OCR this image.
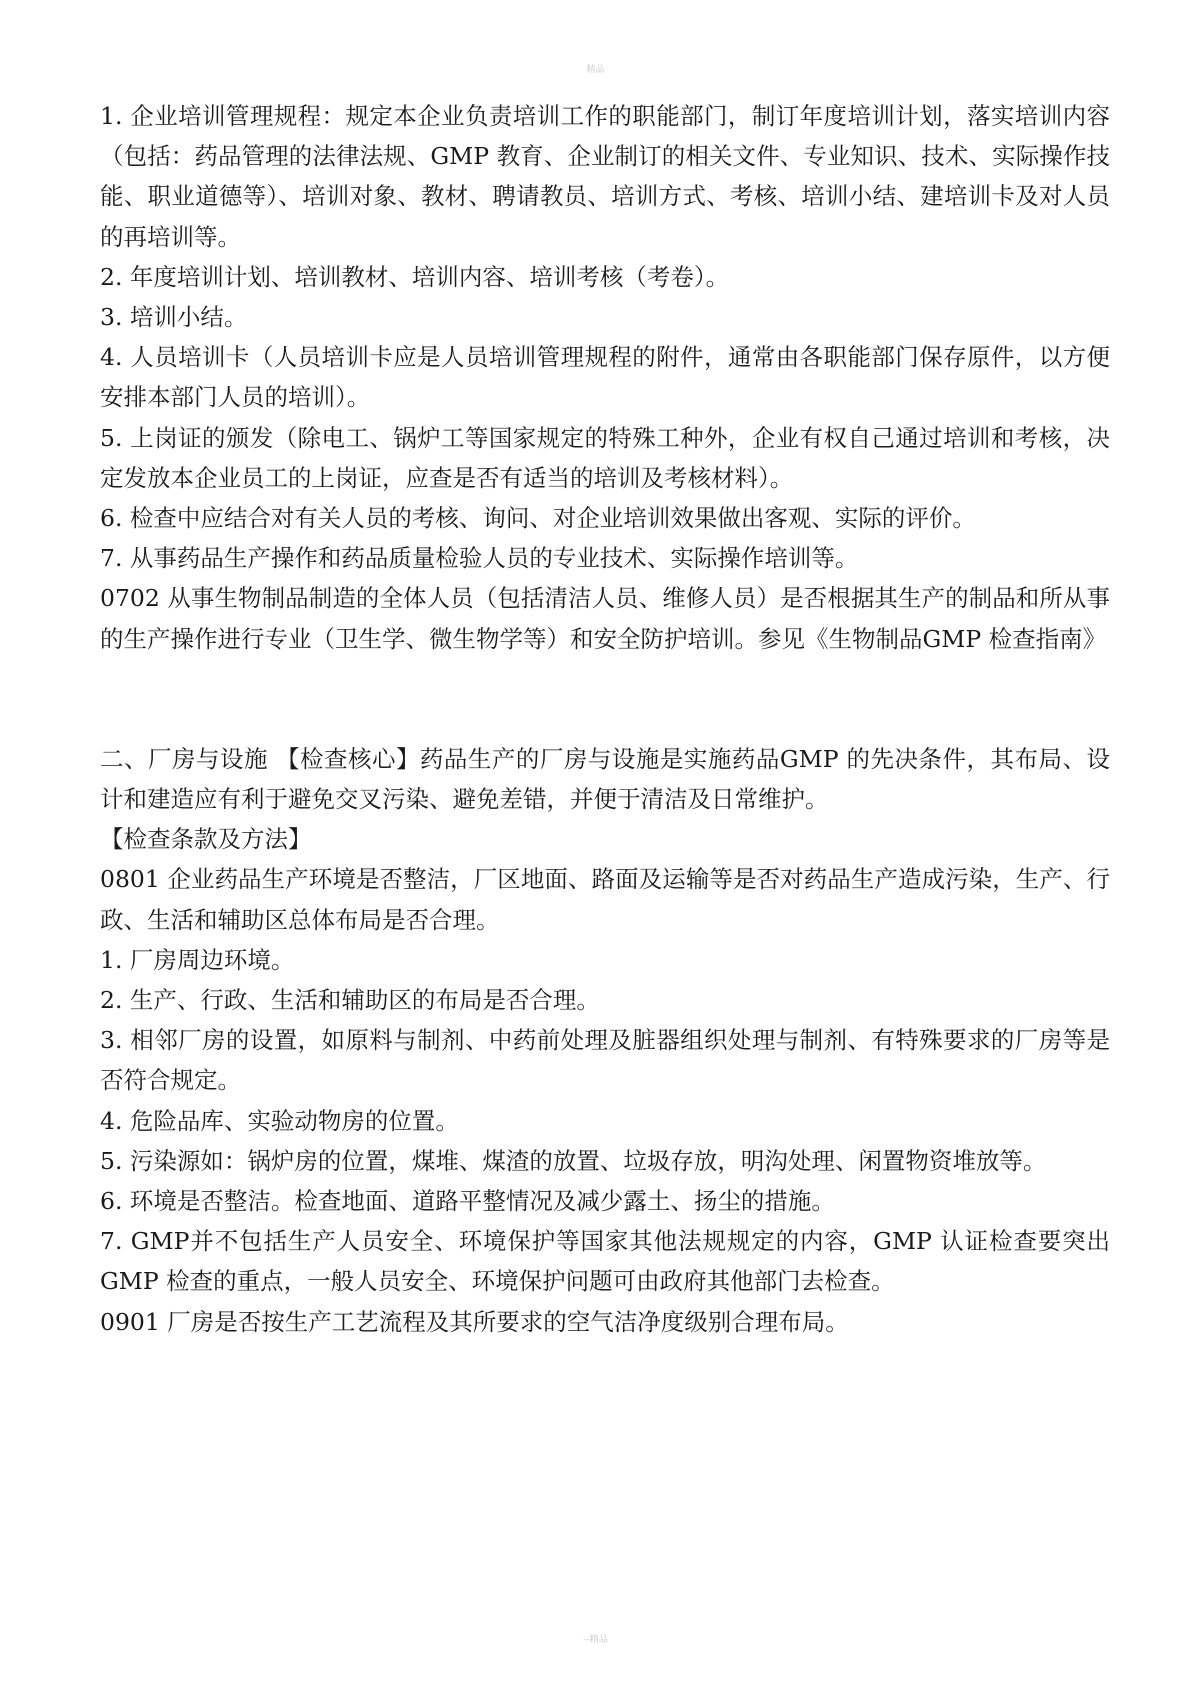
精品

1. 企业培训管理规程：规定本企业负责培训工作的职能部门，制订年度培训计划，落实培训内容（包括：药品管理的法律法规、GMP 教育、企业制订的相关文件、专业知识、技术、实际操作技能、职业道德等）、培训对象、教材、聘请教员、培训方式、考核、培训小结、建培训卡及对人员的再培训等。

2. 年度培训计划、培训教材、培训内容、培训考核（考卷）。

3. 培训小结。

4. 人员培训卡（人员培训卡应是人员培训管理规程的附件，通常由各职能部门保存原件，以方便安排本部门人员的培训）。

5. 上岗证的颁发（除电工、锅炉工等国家规定的特殊工种外，企业有权自己通过培训和考核，决定发放本企业员工的上岗证，应查是否有适当的培训及考核材料）。

6. 检查中应结合对有关人员的考核、询问、对企业培训效果做出客观、实际的评价。

7. 从事药品生产操作和药品质量检验人员的专业技术、实际操作培训等。

0702 从事生物制品制造的全体人员（包括清洁人员、维修人员）是否根据其生产的制品和所从事的生产操作进行专业（卫生学、微生物学等）和安全防护培训。参见《生物制品GMP 检查指南》

二、厂房与设施 【检查核心】药品生产的厂房与设施是实施药品GMP 的先决条件，其布局、设计和建造应有利于避免交叉污染、避免差错，并便于清洁及日常维护。

【检查条款及方法】

0801 企业药品生产环境是否整洁，厂区地面、路面及运输等是否对药品生产造成污染，生产、行政、生活和辅助区总体布局是否合理。

1. 厂房周边环境。

2. 生产、行政、生活和辅助区的布局是否合理。

3. 相邻厂房的设置，如原料与制剂、中药前处理及脏器组织处理与制剂、有特殊要求的厂房等是否符合规定。

4. 危险品库、实验动物房的位置。

5. 污染源如：锅炉房的位置，煤堆、煤渣的放置、垃圾存放，明沟处理、闲置物资堆放等。

6. 环境是否整洁。检查地面、道路平整情况及减少露土、扬尘的措施。

7. GMP并不包括生产人员安全、环境保护等国家其他法规规定的内容，GMP 认证检查要突出GMP 检查的重点，一般人员安全、环境保护问题可由政府其他部门去检查。

0901 厂房是否按生产工艺流程及其所要求的空气洁净度级别合理布局。

--精品
